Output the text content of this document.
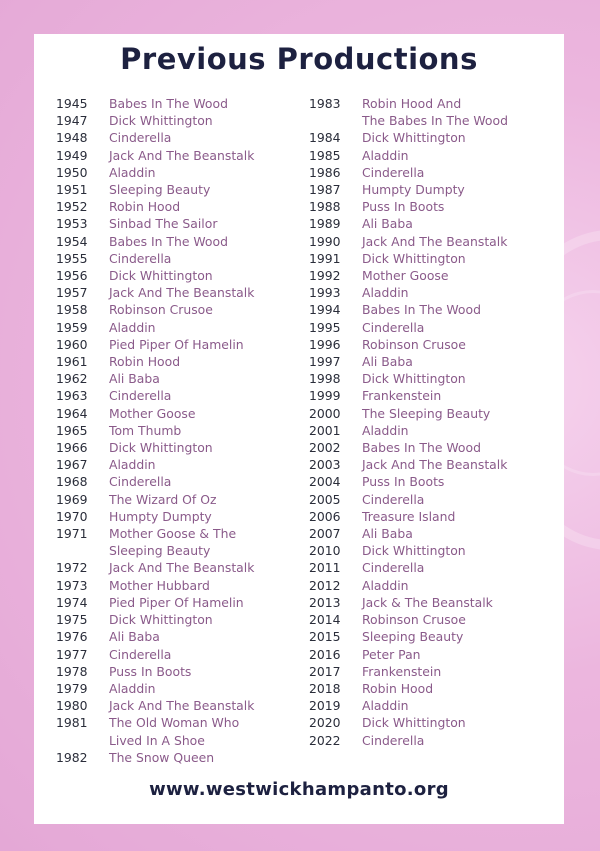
Previous Productions
1945	Babes In The Wood
1947	Dick Whittington
1948	Cinderella
1949	Jack And The Beanstalk
1950	Aladdin
1951	Sleeping Beauty
1952	Robin Hood
1953	Sinbad The Sailor
1954	Babes In The Wood
1955	Cinderella
1956	Dick Whittington
1957	Jack And The Beanstalk
1958	Robinson Crusoe
1959	Aladdin
1960	Pied Piper Of Hamelin
1961	Robin Hood
1962	Ali Baba
1963	Cinderella
1964	Mother Goose
1965	Tom Thumb
1966	Dick Whittington
1967	Aladdin
1968	Cinderella
1969	The Wizard Of Oz
1970	Humpty Dumpty
1971	Mother Goose & The
Sleeping Beauty
1972	Jack And The Beanstalk
1973	Mother Hubbard
1974	Pied Piper Of Hamelin
1975	Dick Whittington
1976	Ali Baba
1977	Cinderella
1978	Puss In Boots
1979	Aladdin
1980	Jack And The Beanstalk
1981	The Old Woman Who
Lived In A Shoe
1982	The Snow Queen
1983	Robin Hood And
The Babes In The Wood
1984	Dick Whittington
1985	Aladdin
1986	Cinderella
1987	Humpty Dumpty
1988	Puss In Boots
1989	Ali Baba
1990	Jack And The Beanstalk
1991	Dick Whittington
1992	Mother Goose
1993	Aladdin
1994	Babes In The Wood
1995	Cinderella
1996	Robinson Crusoe
1997	Ali Baba
1998	Dick Whittington
1999	Frankenstein
2000	The Sleeping Beauty
2001	Aladdin
2002	Babes In The Wood
2003	Jack And The Beanstalk
2004	Puss In Boots
2005	Cinderella
2006	Treasure Island
2007	Ali Baba
2010	Dick Whittington
2011	Cinderella
2012	Aladdin
2013	Jack & The Beanstalk
2014	Robinson Crusoe
2015	Sleeping Beauty
2016	Peter Pan
2017	Frankenstein
2018	Robin Hood
2019	Aladdin
2020	Dick Whittington
2022	Cinderella
www.westwickhampanto.org
